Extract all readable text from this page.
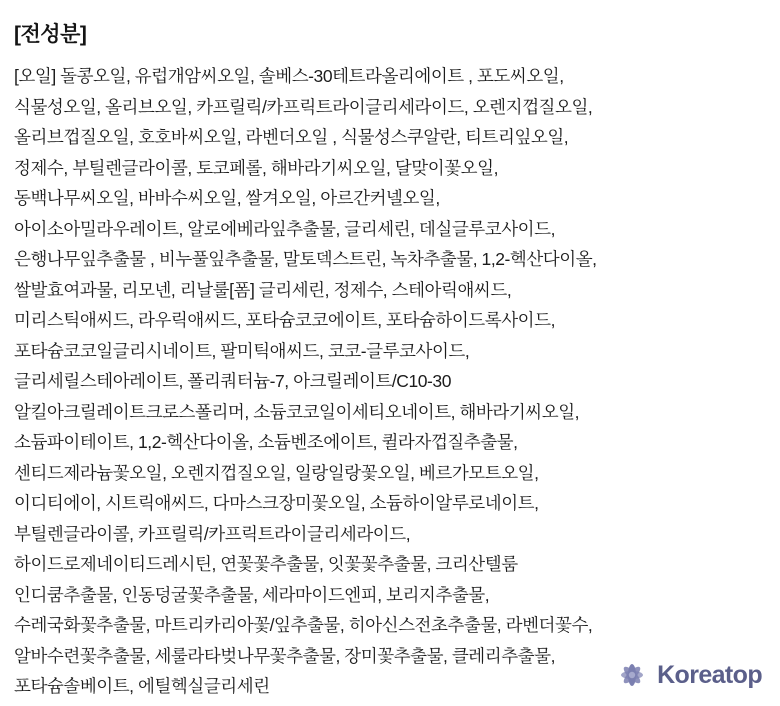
[전성분]
[오일] 돌콩오일, 유럽개암씨오일, 솔베스-30테트라올리에이트 , 포도씨오일,
식물성오일, 올리브오일, 카프릴릭/카프릭트라이글리세라이드, 오렌지껍질오일,
올리브껍질오일, 호호바씨오일, 라벤더오일 , 식물성스쿠알란, 티트리잎오일,
정제수, 부틸렌글라이콜, 토코페롤, 해바라기씨오일, 달맞이꽃오일,
동백나무씨오일, 바바수씨오일, 쌀겨오일, 아르간커넬오일,
아이소아밀라우레이트, 알로에베라잎추출물, 글리세린, 데실글루코사이드,
은행나무잎추출물 , 비누풀잎추출물, 말토덱스트린, 녹차추출물, 1,2-헥산다이올,
쌀발효여과물, 리모넨, 리날룰[폼] 글리세린, 정제수, 스테아릭애씨드,
미리스틱애씨드, 라우릭애씨드, 포타슘코코에이트, 포타슘하이드록사이드,
포타슘코코일글리시네이트, 팔미틱애씨드, 코코-글루코사이드,
글리세릴스테아레이트, 폴리쿼터늄-7, 아크릴레이트/C10-30
알킬아크릴레이트크로스폴리머, 소듐코코일이세티오네이트, 해바라기씨오일,
소듐파이테이트, 1,2-헥산다이올, 소듐벤조에이트, 퀼라자껍질추출물,
센티드제라늄꽃오일, 오렌지껍질오일, 일랑일랑꽃오일, 베르가모트오일,
이디티에이, 시트릭애씨드, 다마스크장미꽃오일, 소듐하이알루로네이트,
부틸렌글라이콜, 카프릴릭/카프릭트라이글리세라이드,
하이드로제네이티드레시틴, 연꽃꽃추출물, 잇꽃꽃추출물, 크리산텔룸
인디쿰추출물, 인동덩굴꽃추출물, 세라마이드엔피, 보리지추출물,
수레국화꽃추출물, 마트리카리아꽃/잎추출물, 히아신스전초추출물, 라벤더꽃수,
알바수련꽃추출물, 세룰라타벚나무꽃추출물, 장미꽃추출물, 클레리추출물,
포타슘솔베이트, 에틸헥실글리세린	Koreatop
